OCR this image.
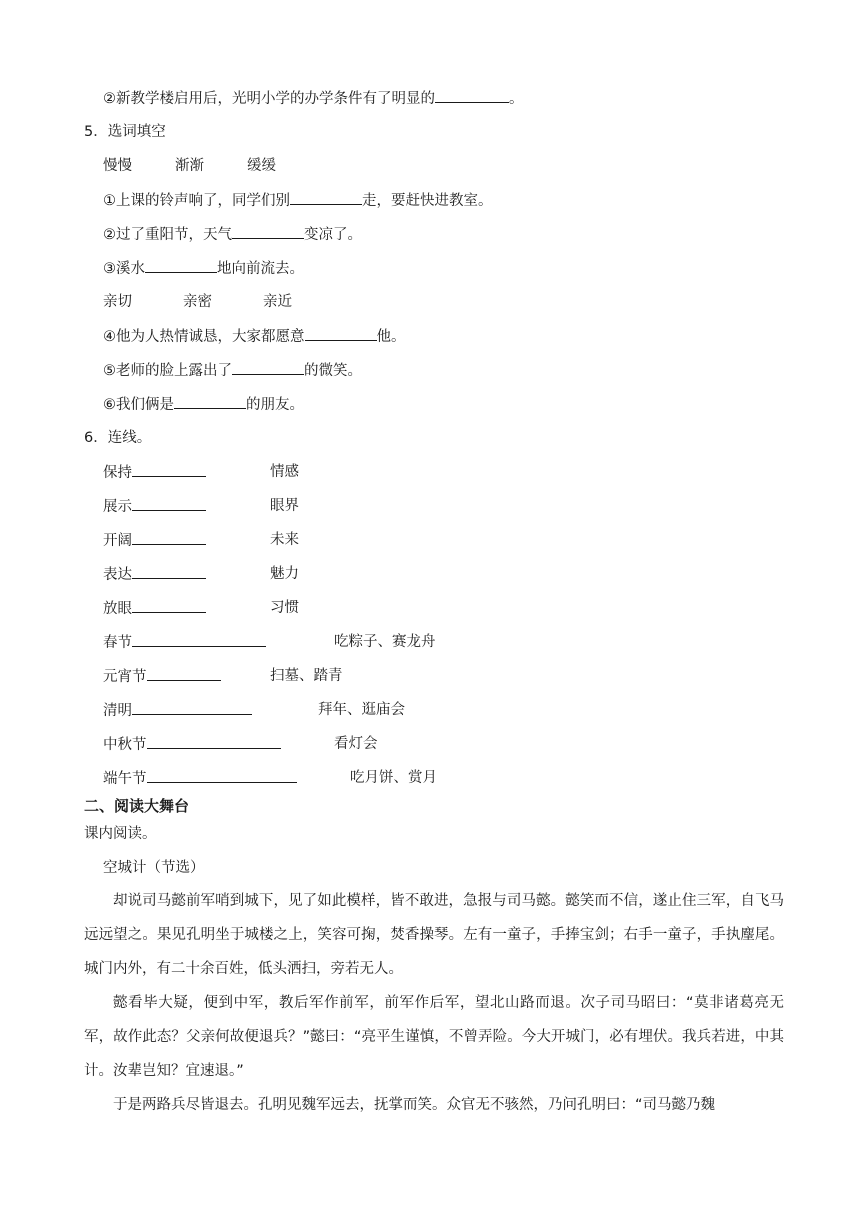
②新教学楼启用后，光明小学的办学条件有了明显的	。
5．选词填空
慢慢	渐渐	缓缓
①上课的铃声响了，同学们别	走，要赶快进教室。
②过了重阳节，天气	变凉了。
③溪水	地向前流去。
亲切	亲密	亲近
④他为人热情诚恳，大家都愿意	他。
⑤老师的脸上露出了	的微笑。
⑥我们俩是	的朋友。
6．连线。
保持	情感
展示	眼界
开阔	未来
表达	魅力
放眼	习惯
春节	吃粽子、赛龙舟
元宵节	扫墓、踏青
清明	拜年、逛庙会
中秋节	看灯会
端午节	吃月饼、赏月
二、阅读大舞台
课内阅读。
空城计（节选）
却说司马懿前军哨到城下，见了如此模样，皆不敢进，急报与司马懿。懿笑而不信，遂止住三军，自飞马远远望之。果见孔明坐于城楼之上，笑容可掬，焚香操琴。左有一童子，手捧宝剑；右手一童子，手执麈尾。城门内外，有二十余百姓，低头洒扫，旁若无人。
懿看毕大疑，便到中军，教后军作前军，前军作后军，望北山路而退。次子司马昭曰：“莫非诸葛亮无军，故作此态？父亲何故便退兵？”懿曰：“亮平生谨慎，不曾弄险。今大开城门，必有埋伏。我兵若进，中其计。汝辈岂知？宜速退。”
于是两路兵尽皆退去。孔明见魏军远去，抚掌而笑。众官无不骇然，乃问孔明曰：“司马懿乃魏
